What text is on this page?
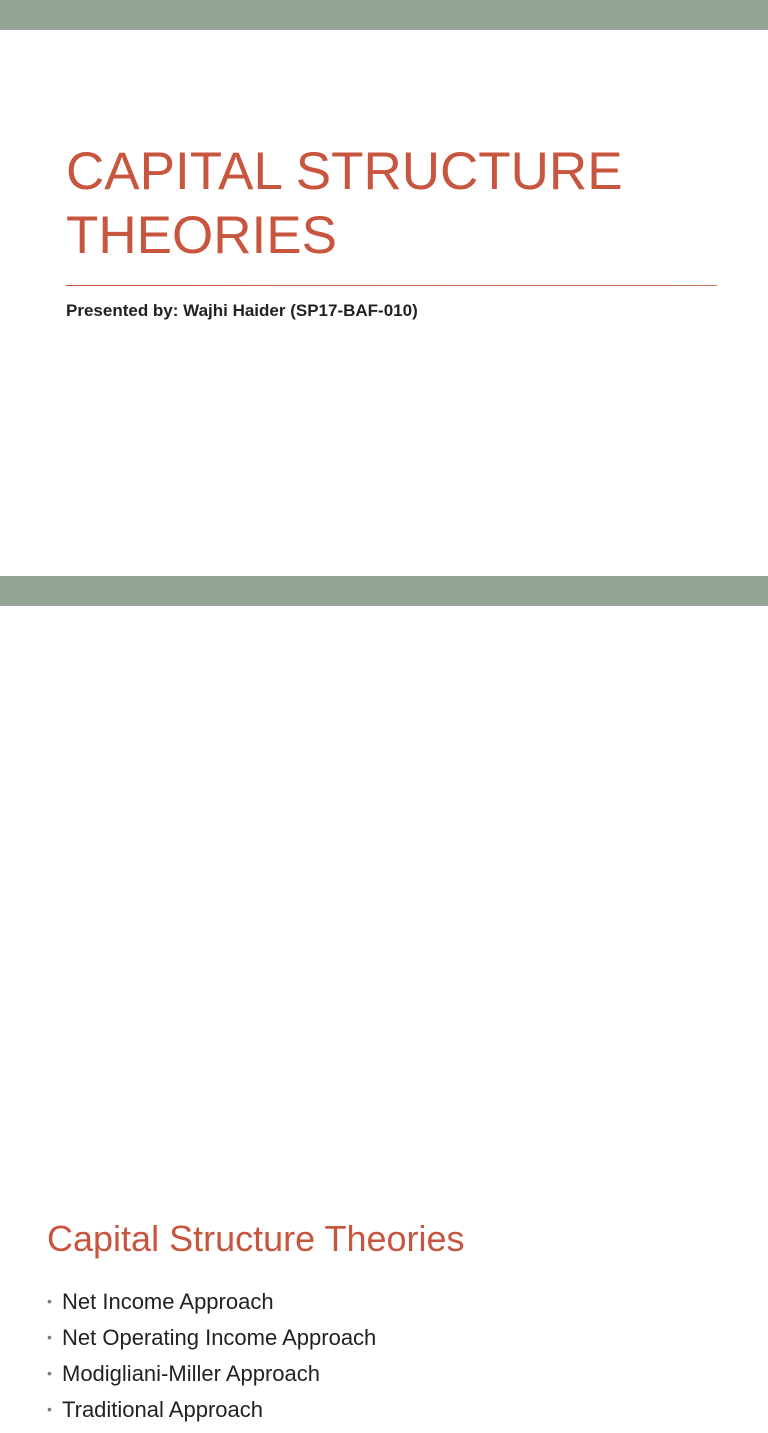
CAPITAL STRUCTURE
THEORIES

Presented by: Wajhi Haider (SP17-BAF-010)

Capital Structure Theories
• Net Income Approach
• Net Operating Income Approach
• Modigliani-Miller Approach
• Traditional Approach
